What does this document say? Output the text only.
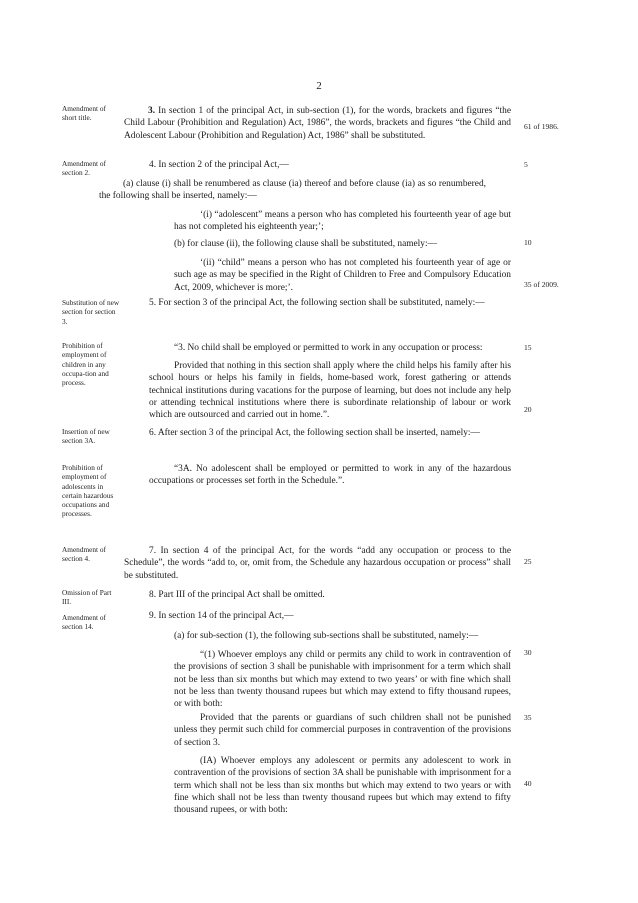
2
Amendment of short title.
Amendment of section 2.
Substitution of new section for section 3.
Prohibition of employment of children in any occupa-tion and process.
Insertion of new section 3A.
Prohibition of employment of adolescents in certain hazardous occupations and processes.
Amendment of section 4.
Omission of Part III.
Amendment of section 14.
61 of 1986.
5
10
35 of 2009.
15
20
25
30
35
40
3. In section 1 of the principal Act, in sub-section (1), for the words, brackets and figures “the Child Labour (Prohibition and Regulation) Act, 1986”, the words, brackets and figures “the Child and Adolescent Labour (Prohibition and Regulation) Act, 1986” shall be substituted.
4. In section 2 of the principal Act,—
(a) clause (i) shall be renumbered as clause (ia) thereof and before clause (ia) as so renumbered, the following shall be inserted, namely:—
‘(i) “adolescent” means a person who has completed his fourteenth year of age but has not completed his eighteenth year;’;
(b) for clause (ii), the following clause shall be substituted, namely:—
‘(ii) “child” means a person who has not completed his fourteenth year of age or such age as may be specified in the Right of Children to Free and Compulsory Education Act, 2009, whichever is more;’.
5. For section 3 of the principal Act, the following section shall be substituted, namely:—
“3. No child shall be employed or permitted to work in any occupation or process:
Provided that nothing in this section shall apply where the child helps his family after his school hours or helps his family in fields, home-based work, forest gathering or attends technical institutions during vacations for the purpose of learning, but does not include any help or attending technical institutions where there is subordinate relationship of labour or work which are outsourced and carried out in home.”.
6. After section 3 of the principal Act, the following section shall be inserted, namely:—
“3A. No adolescent shall be employed or permitted to work in any of the hazardous occupations or processes set forth in the Schedule.”.
7. In section 4 of the principal Act, for the words “add any occupation or process to the Schedule”, the words “add to, or, omit from, the Schedule any hazardous occupation or process” shall be substituted.
8. Part III of the principal Act shall be omitted.
9. In section 14 of the principal Act,—
(a) for sub-section (1), the following sub-sections shall be substituted, namely:—
“(1) Whoever employs any child or permits any child to work in contravention of the provisions of section 3 shall be punishable with imprisonment for a term which shall not be less than six months but which may extend to two years’ or with fine which shall not be less than twenty thousand rupees but which may extend to fifty thousand rupees, or with both:
Provided that the parents or guardians of such children shall not be punished unless they permit such child for commercial purposes in contravention of the provisions of section 3.
(IA) Whoever employs any adolescent or permits any adolescent to work in contravention of the provisions of section 3A shall be punishable with imprisonment for a term which shall not be less than six months but which may extend to two years or with fine which shall not be less than twenty thousand rupees but which may extend to fifty thousand rupees, or with both:
